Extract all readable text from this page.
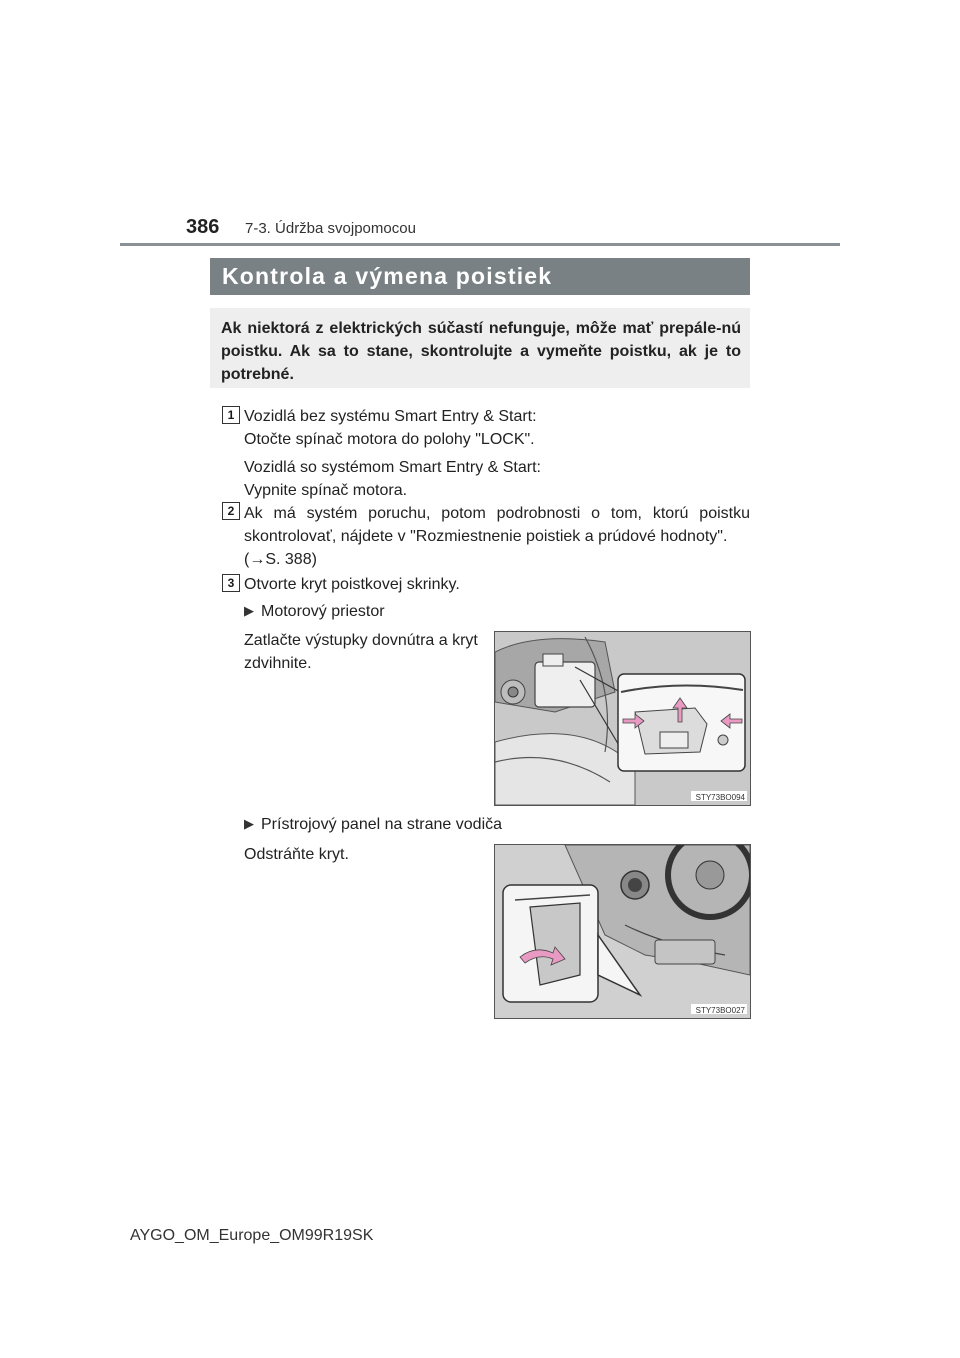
386 7-3. Údržba svojpomocou
Kontrola a výmena poistiek

Ak niektorá z elektrických súčastí nefunguje, môže mať prepále-nú poistku. Ak sa to stane, skontrolujte a vymeňte poistku, ak je to potrebné.

1 Vozidlá bez systému Smart Entry & Start:
Otočte spínač motora do polohy "LOCK".
Vozidlá so systémom Smart Entry & Start:
Vypnite spínač motora.
2 Ak má systém poruchu, potom podrobnosti o tom, ktorú poistku skontrolovať, nájdete v "Rozmiestnenie poistiek a prúdové hodnoty".
(→S. 388)
3 Otvorte kryt poistkovej skrinky.
▶ Motorový priestor
Zatlačte výstupky dovnútra a kryt
zdvihnite.
STY73BO094
▶ Prístrojový panel na strane vodiča
Odstráňte kryt.
STY73BO027
AYGO_OM_Europe_OM99R19SK
